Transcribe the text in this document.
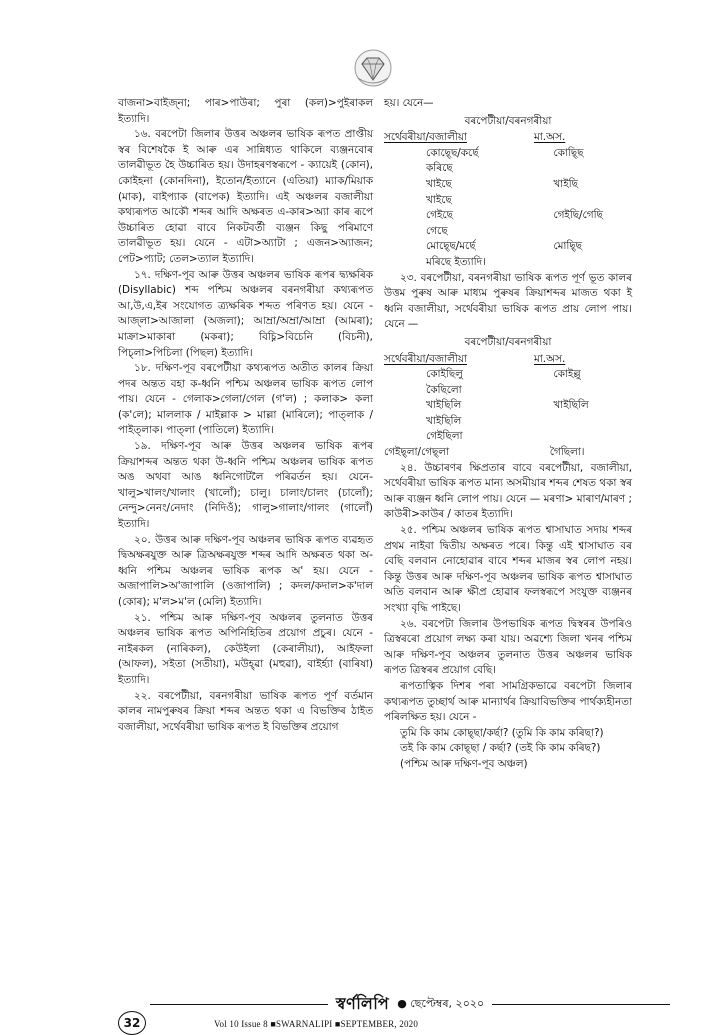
বাজনা>বাইজ্না; পাৰ>পাউৰা; পুৰা (কল)>পুইৰাকল ইত্যাদি।

১৬. বৰপেটা জিলাৰ উত্তৰ অঞ্চলৰ ভাষিক ৰূপত প্ৰাপ্তীয় স্বৰ বিশেষকৈ ই আৰু এৰ সান্নিধ্যত থাকিলে ব্যঞ্জনবোৰ তালৱীভূত হৈ উচ্চাৰিত হয়। উদাহৰণস্বৰূপে - ক্যায়েই (কোন), কোইহনা (কোনদিনা), ইতোন/ইত্যানে (এতিয়া) ম্যাক/মিয়াক (মাক), বাইপ্যাক (বাপেক) ইত্যাদি। এই অঞ্চলৰ বজালীয়া কথ্যৰূপত আকৌ শব্দৰ আদি অক্ষৰত এ-কাৰ>অ্যা কাৰ ৰূপে উচ্চাৰিত হোৱা বাবে নিকটবৰ্তী ব্যঞ্জন কিছু পৰিমাণে তালৱীভূত হয়। যেনে - এটা>অ্যাটা ; এজন>অ্যাজন; পেট>প্যাট; তেল>ত্যাল ইত্যাদি।

১৭. দক্ষিণ-পূব আৰু উত্তৰ অঞ্চলৰ ভাষিক ৰূপৰ দ্ব্যক্ষৰিক (Disyllabic) শব্দ পশ্চিম অঞ্চলৰ বৰনগৰীয়া কথ্যৰূপত আ,উ,এ,ইৰ সংযোগত ত্ৰ্যক্ষৰিক শব্দত পৰিণত হয়। যেনে - আজ্লা>আজালা (অজলা); আম্ৰা/অম্ৰা/আম্ৰা (আমৰা); মাক্ৰা>মাকাৰা (মকৰা); বিচ্নি>বিচেনি (বিচনী), পিচ্লা>পিচিলা (পিছল) ইত্যাদি।

১৮. দক্ষিণ-পূব বৰপেটীয়া কথ্যৰূপত অতীত কালৰ ক্ৰিয়া পদৰ অন্তত বহা ক-ধ্বনি পশ্চিম অঞ্চলৰ ভাষিক ৰূপত লোপ পায়। যেনে - গেলাক>গেলা/গেল (গ'ল) ; কলাক> কলা (ক'লে); মাললাক / মাইল্লাক > মাল্লা (মাৰিলে); পাত্লাক / পাইত্লাক। পাত্লা (পাতিলে) ইত্যাদি।

১৯. দক্ষিণ-পূব আৰু উত্তৰ অঞ্চলৰ ভাষিক ৰূপৰ ক্ৰিয়াশব্দৰ অন্তত থকা উ-ধ্বনি পশ্চিম অঞ্চলৰ ভাষিক ৰূপত অঙ অথবা আঙ ধ্বনিগোটলৈ পৰিৱৰ্তন হয়। যেনে- খালু>খালং/খালাং (খালোঁ); চালু। চালাং/চালং (চালোঁ); নেন্দু>নেনং/নেদাং (নিদিওঁ); গালু>গালাং/গালং (গালোঁ) ইত্যাদি।

২০. উত্তৰ আৰু দক্ষিণ-পূব অঞ্চলৰ ভাষিক ৰূপত ব্যৱহৃত দ্বিঅক্ষৰযুক্ত আৰু ত্ৰিঅক্ষৰযুক্ত শব্দৰ আদি অক্ষৰত থকা অ- ধ্বনি পশ্চিম অঞ্চলৰ ভাষিক ৰূপক অ' হয়। যেনে - অজাপালি>অ'জাপালি (ওজাপালি) ; কদল/কদাল>ক'দাল (কোৰ); ম'ল>ম'ল (মেলি) ইত্যাদি।

২১. পশ্চিম আৰু দক্ষিণ-পূব অঞ্চলৰ তুলনাত উত্তৰ অঞ্চলৰ ভাষিক ৰূপত অপিনিহিতিৰ প্ৰয়োগ প্ৰচুৰ। যেনে - নাইৰকল (নাৰিকল), কেউইলা (কেৰালীয়া), আইফলা (আফল), সইতা (সতীয়া), মউহ্ৱা (মহুৱা), বাইৰ্হ্যা (বাৰিষা) ইত্যাদি।

২২. বৰপেটীয়া, বৰনগৰীয়া ভাষিক ৰূপত পূৰ্ণ বৰ্তমান কালৰ নামপুৰুষৰ ক্ৰিয়া শব্দৰ অন্তত থকা এ বিভক্তিৰ ঠাইত বজালীয়া, সৰ্থেবৰীয়া ভাষিক ৰূপত ই বিভক্তিৰ প্ৰয়োগ

হয়। যেনে—

বৰপেটীয়া/বৰনগৰীয়া
সৰ্থেবৰীয়া/বজালীয়া	মা.অস.
কোছ্ছে/কৰ্ছে	কোছ্ছি
কৰিছে
খাইছে	খাইছি
খাইছে
গেইছে	গেইছি/গেছি
গেছে
মোছ্ছে/মৰ্ছে	মোছ্ছি
মৰিছে ইত্যাদি।

২৩. বৰপেটীয়া, বৰনগৰীয়া ভাষিক ৰূপত পূৰ্ণ ভূত কালৰ উত্তম পুৰুষ আৰু মাধ্যম পুৰুষৰ ক্ৰিয়াশব্দৰ মাজত থকা ই ধ্বনি বজালীয়া, সৰ্থেবৰীয়া ভাষিক ৰূপত প্ৰায় লোপ পায়। যেনে —

বৰপেটীয়া/বৰনগৰীয়া
সৰ্থেবৰীয়া/বজালীয়া	মা.অস.
কোইছিলু	কোইল্লু
কৈছিলো
খাইছিলি	খাইছিলি
খাইছিলি
গেইছিলা
গেইছ্লা/গেছ্লা	গৈছিলা।

২৪. উচ্চাৰণৰ ক্ষিপ্ৰতাৰ বাবে বৰপেটীয়া, বজালীয়া, সৰ্থেবৰীয়া ভাষিক ৰূপত মান্য অসমীয়াৰ শব্দৰ শেষত থকা স্বৰ আৰু ব্যঞ্জন ধ্বনি লোপ পায়। যেনে — মৰণা> মাৰাণ/মাৰণ ; কাউৰী>কাউৰ / কাতৰ ইত্যাদি।

২৫. পশ্চিম অঞ্চলৰ ভাষিক ৰূপত শ্বাসাঘাত সদায় শব্দৰ প্ৰথম নাইবা দ্বিতীয় অক্ষৰত পৰে। কিন্তু এই শ্বাসাঘাত বৰ বেছি বলবান নোহোৱাৰ বাবে শব্দৰ মাজৰ স্বৰ লোপ নহয়। কিন্তু উত্তৰ আৰু দক্ষিণ-পূব অঞ্চলৰ ভাষিক ৰূপত শ্বাসাঘাত অতি বলবান আৰু ক্ষীপ্ৰ হোৱাৰ ফলস্বৰূপে সংযুক্ত ব্যঞ্জনৰ সংখ্যা বৃদ্ধি পাইছে।

২৬. বৰপেটা জিলাৰ উপভাষিক ৰূপত দ্বিস্বৰৰ উপৰিও ত্ৰিস্বৰৰো প্ৰয়োগ লক্ষ্য কৰা যায়। অৱশ্যে জিলা খনৰ পশ্চিম আৰু দক্ষিণ-পূব অঞ্চলৰ তুলনাত উত্তৰ অঞ্চলৰ ভাষিক ৰূপত ত্ৰিস্বৰৰ প্ৰয়োগ বেছি।

ৰূপতাত্বিক দিশৰ পৰা সামগ্ৰিকভাৱে বৰপেটা জিলাৰ কথ্যৰূপত তুচ্ছাৰ্থ আৰু মান্যাৰ্থৰ ক্ৰিয়াবিভক্তিৰ পাৰ্থক্যহীনতা পৰিলক্ষিত হয়। যেনে -

তুমি কি কাম কোছ্ছা/কৰ্ছা? (তুমি কি কাম কৰিছা?)

তই কি কাম কোছ্ছা / কৰ্ছা? (তই কি কাম কৰিছ?)

(পশ্চিম আৰু দক্ষিণ-পূব অঞ্চল)

স্বৰ্ণলিপি ● ছেপ্টেম্বৰ, ২০২০
32	Vol 10 Issue 8 ■SWARNALIPI ■SEPTEMBER, 2020
